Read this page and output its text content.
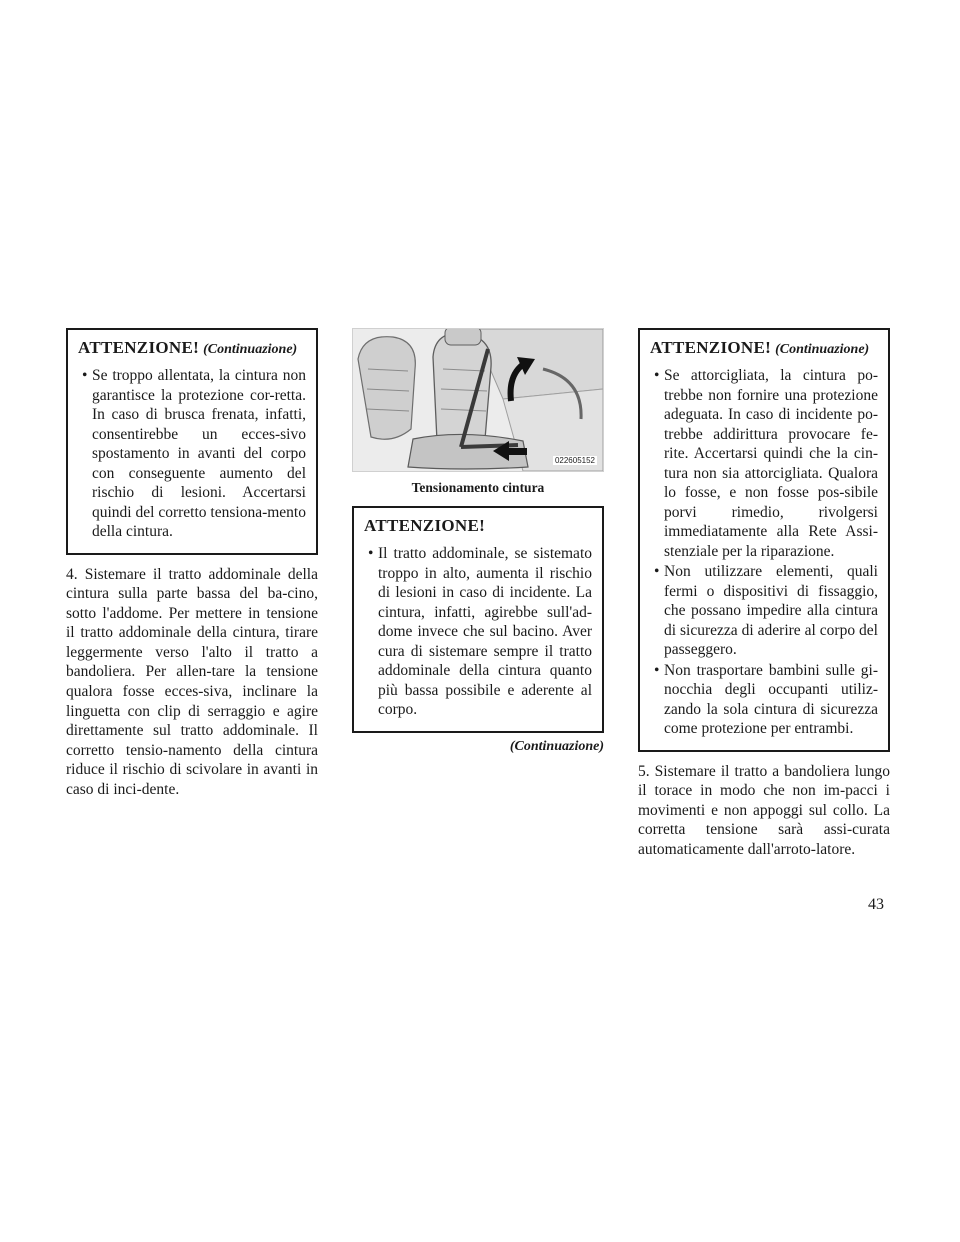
ATTENZIONE! (Continuazione)
• Se troppo allentata, la cintura non garantisce la protezione cor-retta. In caso di brusca frenata, infatti, consentirebbe un ecces-sivo spostamento in avanti del corpo con conseguente aumento del rischio di lesioni. Accertarsi quindi del corretto tensiona-mento della cintura.

4. Sistemare il tratto addominale della cintura sulla parte bassa del ba-cino, sotto l'addome. Per mettere in tensione il tratto addominale della cintura, tirare leggermente verso l'alto il tratto a bandoliera. Per allen-tare la tensione qualora fosse ecces-siva, inclinare la linguetta con clip di serraggio e agire direttamente sul tratto addominale. Il corretto tensio-namento della cintura riduce il rischio di scivolare in avanti in caso di inci-dente.

022605152
Tensionamento cintura
ATTENZIONE!
• Il tratto addominale, se sistemato troppo in alto, aumenta il rischio di lesioni in caso di incidente. La cintura, infatti, agirebbe sull'ad-dome invece che sul bacino. Aver cura di sistemare sempre il tratto addominale della cintura quanto più bassa possibile e aderente al corpo.
(Continuazione)
ATTENZIONE! (Continuazione)
• Se attorcigliata, la cintura po-trebbe non fornire una protezione adeguata. In caso di incidente po-trebbe addirittura provocare fe-rite. Accertarsi quindi che la cin-tura non sia attorcigliata. Qualora lo fosse, e non fosse pos-sibile porvi rimedio, rivolgersi immediatamente alla Rete Assi-stenziale per la riparazione.
• Non utilizzare elementi, quali fermi o dispositivi di fissaggio, che possano impedire alla cintura di sicurezza di aderire al corpo del passeggero.
• Non trasportare bambini sulle gi-nocchia degli occupanti utiliz-zando la sola cintura di sicurezza come protezione per entrambi.

5. Sistemare il tratto a bandoliera lungo il torace in modo che non im-pacci i movimenti e non appoggi sul collo. La corretta tensione sarà assi-curata automaticamente dall'arroto-latore.

43
